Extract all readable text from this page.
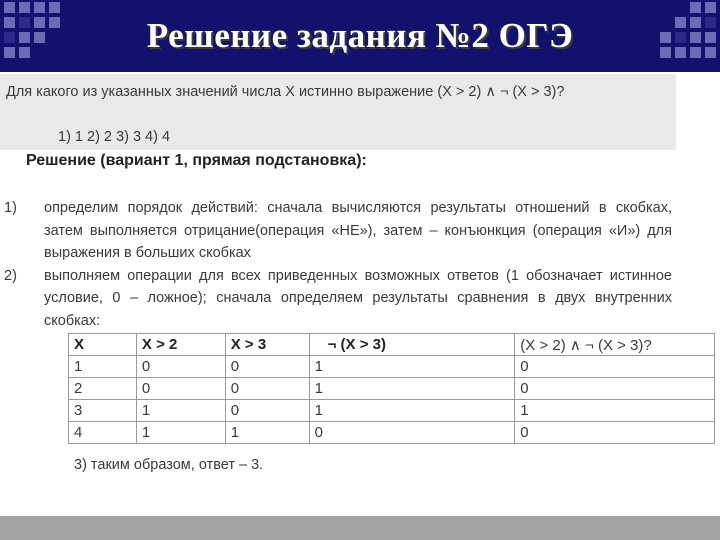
Решение задания №2 ОГЭ
Для какого из указанных значений числа X истинно выражение (X > 2) ∧ ¬ (X > 3)?
1) 1 2) 2 3) 3 4) 4
Решение (вариант 1, прямая подстановка):
1) определим порядок действий: сначала вычисляются результаты отношений в скобках, затем выполняется отрицание(операция «НЕ»), затем – конъюнкция (операция «И») для выражения в больших скобках
2) выполняем операции для всех приведенных возможных ответов (1 обозначает истинное условие, 0 – ложное); сначала определяем результаты сравнения в двух внутренних скобках:
X	X > 2	X > 3	¬ (X > 3)	(X > 2) ∧ ¬ (X > 3)?
1	0	0	1	0
2	0	0	1	0
3	1	0	1	1
4	1	1	0	0
3) таким образом, ответ – 3.
